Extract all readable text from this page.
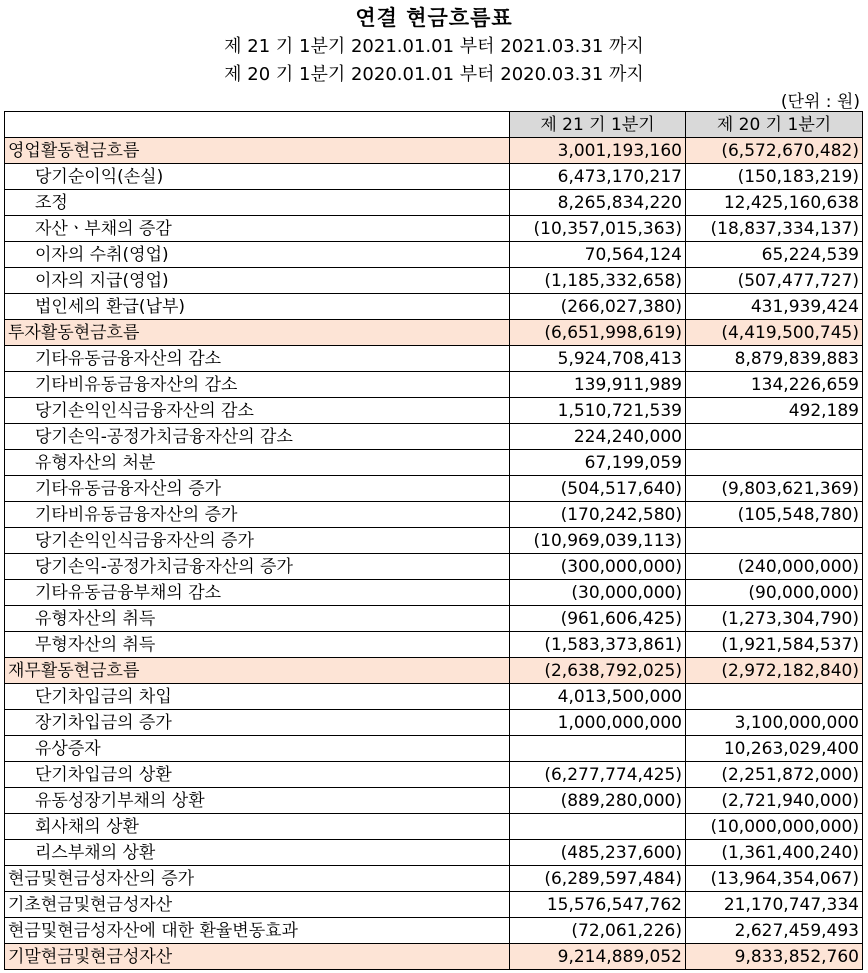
연결 현금흐름표
제 21 기 1분기 2021.01.01 부터 2021.03.31 까지
제 20 기 1분기 2020.01.01 부터 2020.03.31 까지
(단위 : 원)
	제 21 기 1분기	제 20 기 1분기
영업활동현금흐름	3,001,193,160	(6,572,670,482)
당기순이익(손실)	6,473,170,217	(150,183,219)
조정	8,265,834,220	12,425,160,638
자산ㆍ부채의 증감	(10,357,015,363)	(18,837,334,137)
이자의 수취(영업)	70,564,124	65,224,539
이자의 지급(영업)	(1,185,332,658)	(507,477,727)
법인세의 환급(납부)	(266,027,380)	431,939,424
투자활동현금흐름	(6,651,998,619)	(4,419,500,745)
기타유동금융자산의 감소	5,924,708,413	8,879,839,883
기타비유동금융자산의 감소	139,911,989	134,226,659
당기손익인식금융자산의 감소	1,510,721,539	492,189
당기손익-공정가치금융자산의 감소	224,240,000	
유형자산의 처분	67,199,059	
기타유동금융자산의 증가	(504,517,640)	(9,803,621,369)
기타비유동금융자산의 증가	(170,242,580)	(105,548,780)
당기손익인식금융자산의 증가	(10,969,039,113)	
당기손익-공정가치금융자산의 증가	(300,000,000)	(240,000,000)
기타유동금융부채의 감소	(30,000,000)	(90,000,000)
유형자산의 취득	(961,606,425)	(1,273,304,790)
무형자산의 취득	(1,583,373,861)	(1,921,584,537)
재무활동현금흐름	(2,638,792,025)	(2,972,182,840)
단기차입금의 차입	4,013,500,000	
장기차입금의 증가	1,000,000,000	3,100,000,000
유상증자		10,263,029,400
단기차입금의 상환	(6,277,774,425)	(2,251,872,000)
유동성장기부채의 상환	(889,280,000)	(2,721,940,000)
회사채의 상환		(10,000,000,000)
리스부채의 상환	(485,237,600)	(1,361,400,240)
현금및현금성자산의 증가	(6,289,597,484)	(13,964,354,067)
기초현금및현금성자산	15,576,547,762	21,170,747,334
현금및현금성자산에 대한 환율변동효과	(72,061,226)	2,627,459,493
기말현금및현금성자산	9,214,889,052	9,833,852,760
